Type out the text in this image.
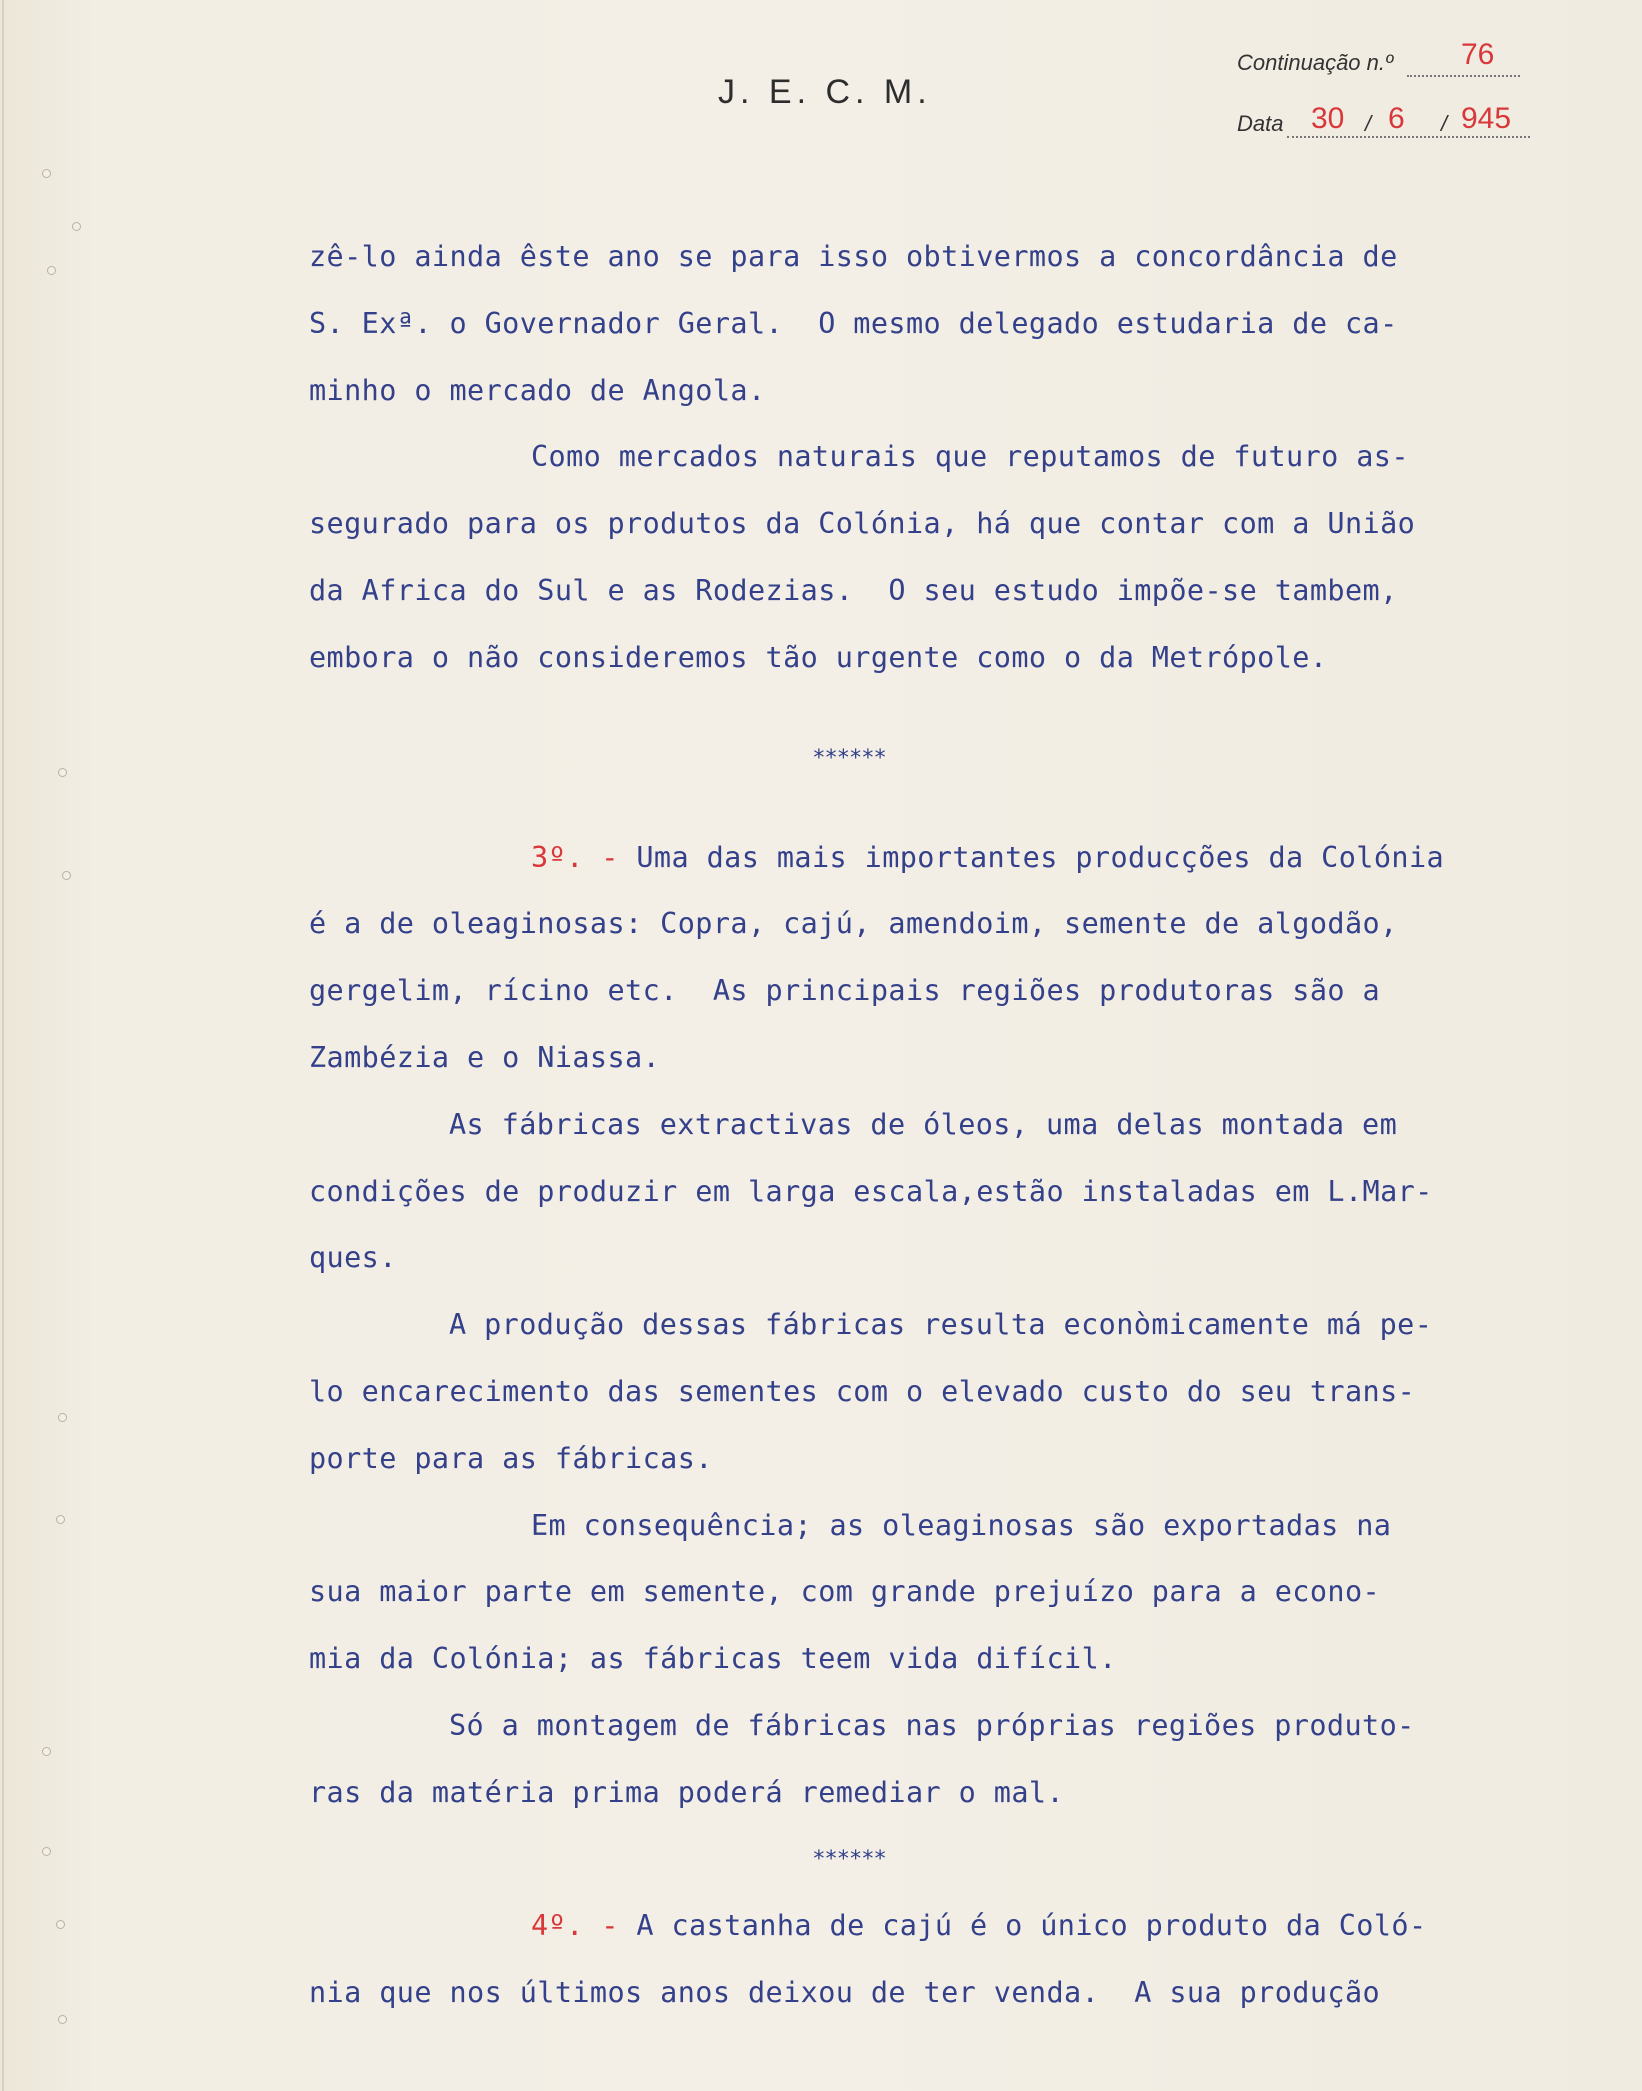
J. E. C. M.
Continuação n.º 76
Data 30 / 6 / 945
zê-lo ainda êste ano se para isso obtivermos a concordância de
S. Exª. o Governador Geral.  O mesmo delegado estudaria de ca-
minho o mercado de Angola.
Como mercados naturais que reputamos de futuro as-
segurado para os produtos da Colónia, há que contar com a União
da Africa do Sul e as Rodezias.  O seu estudo impõe-se tambem,
embora o não consideremos tão urgente como o da Metrópole.
******
3º. - Uma das mais importantes producções da Colónia
é a de oleaginosas: Copra, cajú, amendoim, semente de algodão,
gergelim, rícino etc.  As principais regiões produtoras são a
Zambézia e o Niassa.
As fábricas extractivas de óleos, uma delas montada em
condições de produzir em larga escala,estão instaladas em L.Mar-
ques.
A produção dessas fábricas resulta econòmicamente má pe-
lo encarecimento das sementes com o elevado custo do seu trans-
porte para as fábricas.
Em consequência; as oleaginosas são exportadas na
sua maior parte em semente, com grande prejuízo para a econo-
mia da Colónia; as fábricas teem vida difícil.
Só a montagem de fábricas nas próprias regiões produto-
ras da matéria prima poderá remediar o mal.
******
4º. - A castanha de cajú é o único produto da Coló-
nia que nos últimos anos deixou de ter venda.  A sua produção
